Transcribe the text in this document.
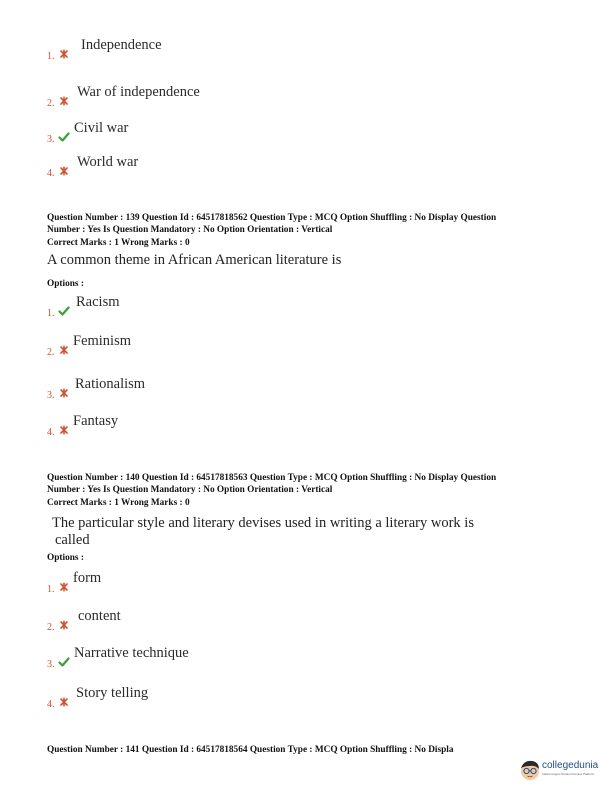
1.
Independence
2.
War of independence
3.
Civil war
4.
World war
Question Number : 139 Question Id : 64517818562 Question Type : MCQ Option Shuffling : No Display Question
Number : Yes Is Question Mandatory : No Option Orientation : Vertical
Correct Marks : 1 Wrong Marks : 0
A common theme in African American literature is
Options :
1.
Racism
2.
Feminism
3.
Rationalism
4.
Fantasy
Question Number : 140 Question Id : 64517818563 Question Type : MCQ Option Shuffling : No Display Question
Number : Yes Is Question Mandatory : No Option Orientation : Vertical
Correct Marks : 1 Wrong Marks : 0
The particular style and literary devises used in writing a literary work is
called
Options :
1.
form
2.
content
3.
Narrative technique
4.
Story telling
Question Number : 141 Question Id : 64517818564 Question Type : MCQ Option Shuffling : No Displa
collegedunia
India's largest Student Review Platform
